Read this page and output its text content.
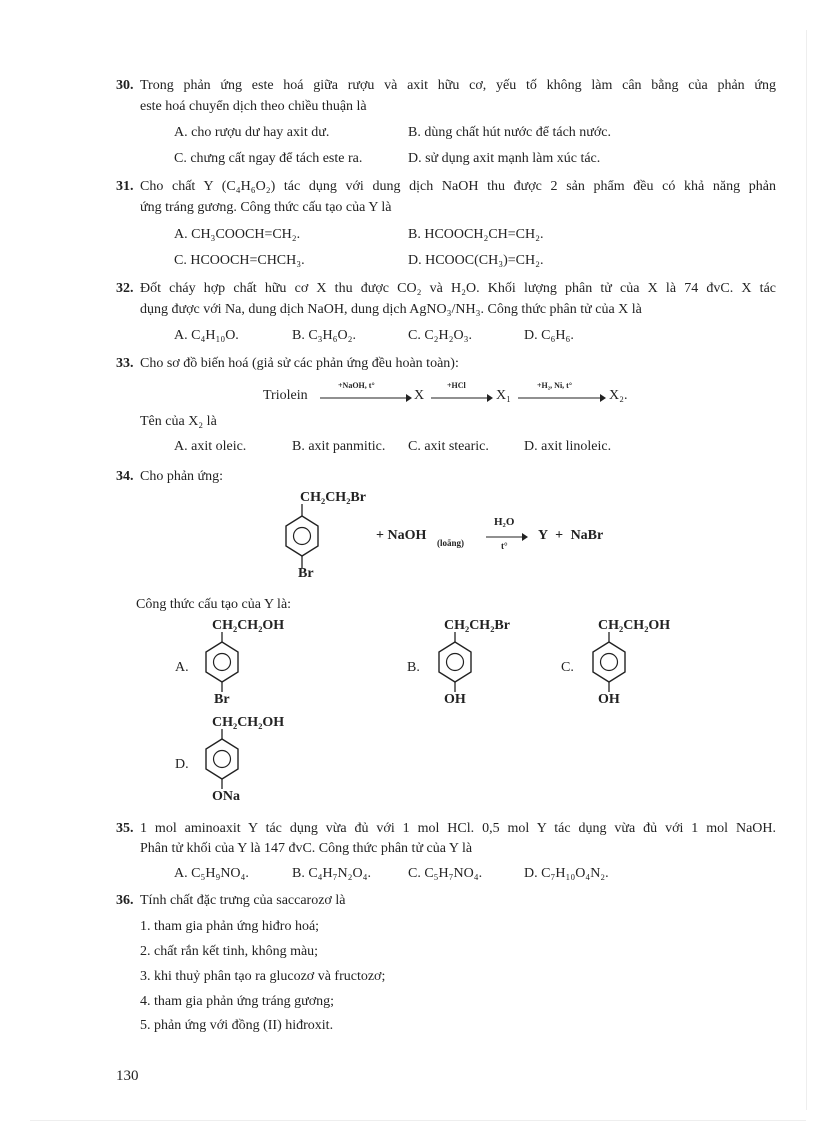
30. Trong phản ứng este hoá giữa rượu và axit hữu cơ, yếu tố không làm cân bằng của phản ứng
este hoá chuyển dịch theo chiều thuận là
A. cho rượu dư hay axit dư.	B. dùng chất hút nước để tách nước.
C. chưng cất ngay để tách este ra.	D. sử dụng axit mạnh làm xúc tác.
31. Cho chất Y (C₄H₆O₂) tác dụng với dung dịch NaOH thu được 2 sản phẩm đều có khả năng phản
ứng tráng gương. Công thức cấu tạo của Y là
A. CH₃COOCH=CH₂.	B. HCOOCH₂CH=CH₂.
C. HCOOCH=CHCH₃.	D. HCOOC(CH₃)=CH₂.
32. Đốt cháy hợp chất hữu cơ X thu được CO₂ và H₂O. Khối lượng phân tử của X là 74 đvC. X tác
dụng được với Na, dung dịch NaOH, dung dịch AgNO₃/NH₃. Công thức phân tử của X là
A. C₄H₁₀O.	B. C₃H₆O₂.	C. C₂H₂O₃.	D. C₆H₆.
33. Cho sơ đồ biến hoá (giả sử các phản ứng đều hoàn toàn):
Triolein
+NaOH, t°
X
+HCl
X₁
+H₂, Ni, t°
X₂.
Tên của X₂ là
A. axit oleic.	B. axit panmitic. C. axit stearic.	D. axit linoleic.
34. Cho phản ứng:
CH₂CH₂Br
Br
+ NaOH (loãng)
H₂O
t°
Y + NaBr
Công thức cấu tạo của Y là:
A.
CH₂CH₂OH
Br
B.
CH₂CH₂Br
OH
C.
CH₂CH₂OH
OH
D.
CH₂CH₂OH
ONa
35. 1 mol aminoaxit Y tác dụng vừa đủ với 1 mol HCl. 0,5 mol Y tác dụng vừa đủ với 1 mol NaOH.
Phân tử khối của Y là 147 đvC. Công thức phân tử của Y là
A. C₅H₉NO₄.	B. C₄H₇N₂O₄.	C. C₅H₇NO₄.	D. C₇H₁₀O₄N₂.
36. Tính chất đặc trưng của saccarozơ là
1. tham gia phản ứng hiđro hoá;
2. chất rắn kết tinh, không màu;
3. khi thuỷ phân tạo ra glucozơ và fructozơ;
4. tham gia phản ứng tráng gương;
5. phản ứng với đồng (II) hiđroxit.
130
